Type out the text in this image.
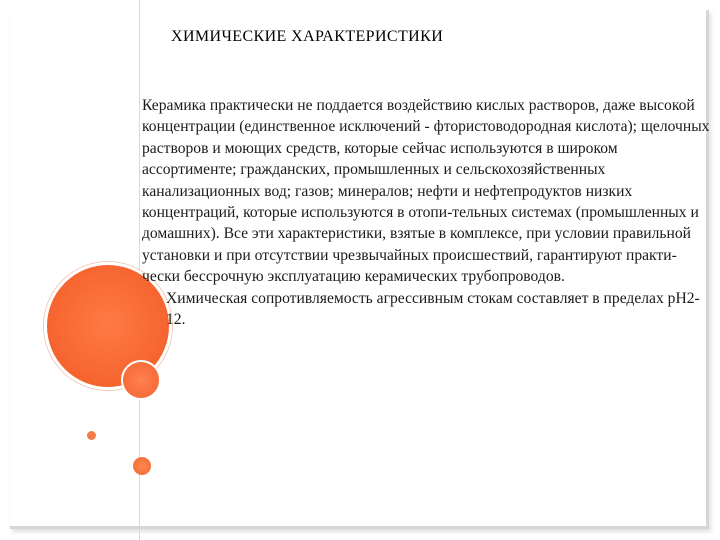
ХИМИЧЕСКИЕ ХАРАКТЕРИСТИКИ

Керамика практически не поддается воздействию кислых растворов, даже высокой концентрации (единственное исключений - фтористоводородная кислота); щелочных растворов и моющих средств, которые сейчас используются в широком ассортименте; гражданских, промышленных и сельскохозяйственных канализационных вод; газов; минералов; нефти и нефтепродуктов низких концентраций, которые используются в отопи-тельных системах (промышленных и домашних). Все эти характеристики, взятые в комплексе, при условии правильной установки и при отсутствии чрезвычайных происшествий, гарантируют практи-чески бессрочную эксплуатацию керамических трубопроводов.

Химическая сопротивляемость агрессивным стокам составляет в пределах рН2-12.
